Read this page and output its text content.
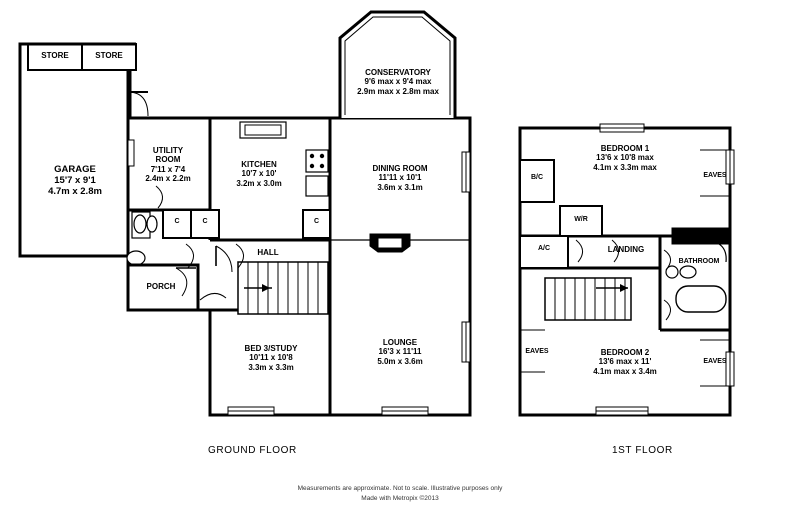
STORE	STORE
GARAGE
15'7 x 9'1
4.7m x 2.8m
UTILITY
ROOM
7'11 x 7'4
2.4m x 2.2m
KITCHEN
10'7 x 10'
3.2m x 3.0m
CONSERVATORY
9'6 max x 9'4 max
2.9m max x 2.8m max
DINING ROOM
11'11 x 10'1
3.6m x 3.1m
HALL
PORCH
BED 3/STUDY
10'11 x 10'8
3.3m x 3.3m
LOUNGE
16'3 x 11'11
5.0m x 3.6m
C	C	C
BEDROOM 1
13'6 x 10'8 max
4.1m x 3.3m max
BEDROOM 2
13'6 max x 11'
4.1m max x 3.4m
B/C
W/R
A/C	LANDING
BATHROOM
EAVES
EAVES
EAVES
GROUND FLOOR	1ST FLOOR
Measurements are approximate. Not to scale. Illustrative purposes only
Made with Metropix ©2013
